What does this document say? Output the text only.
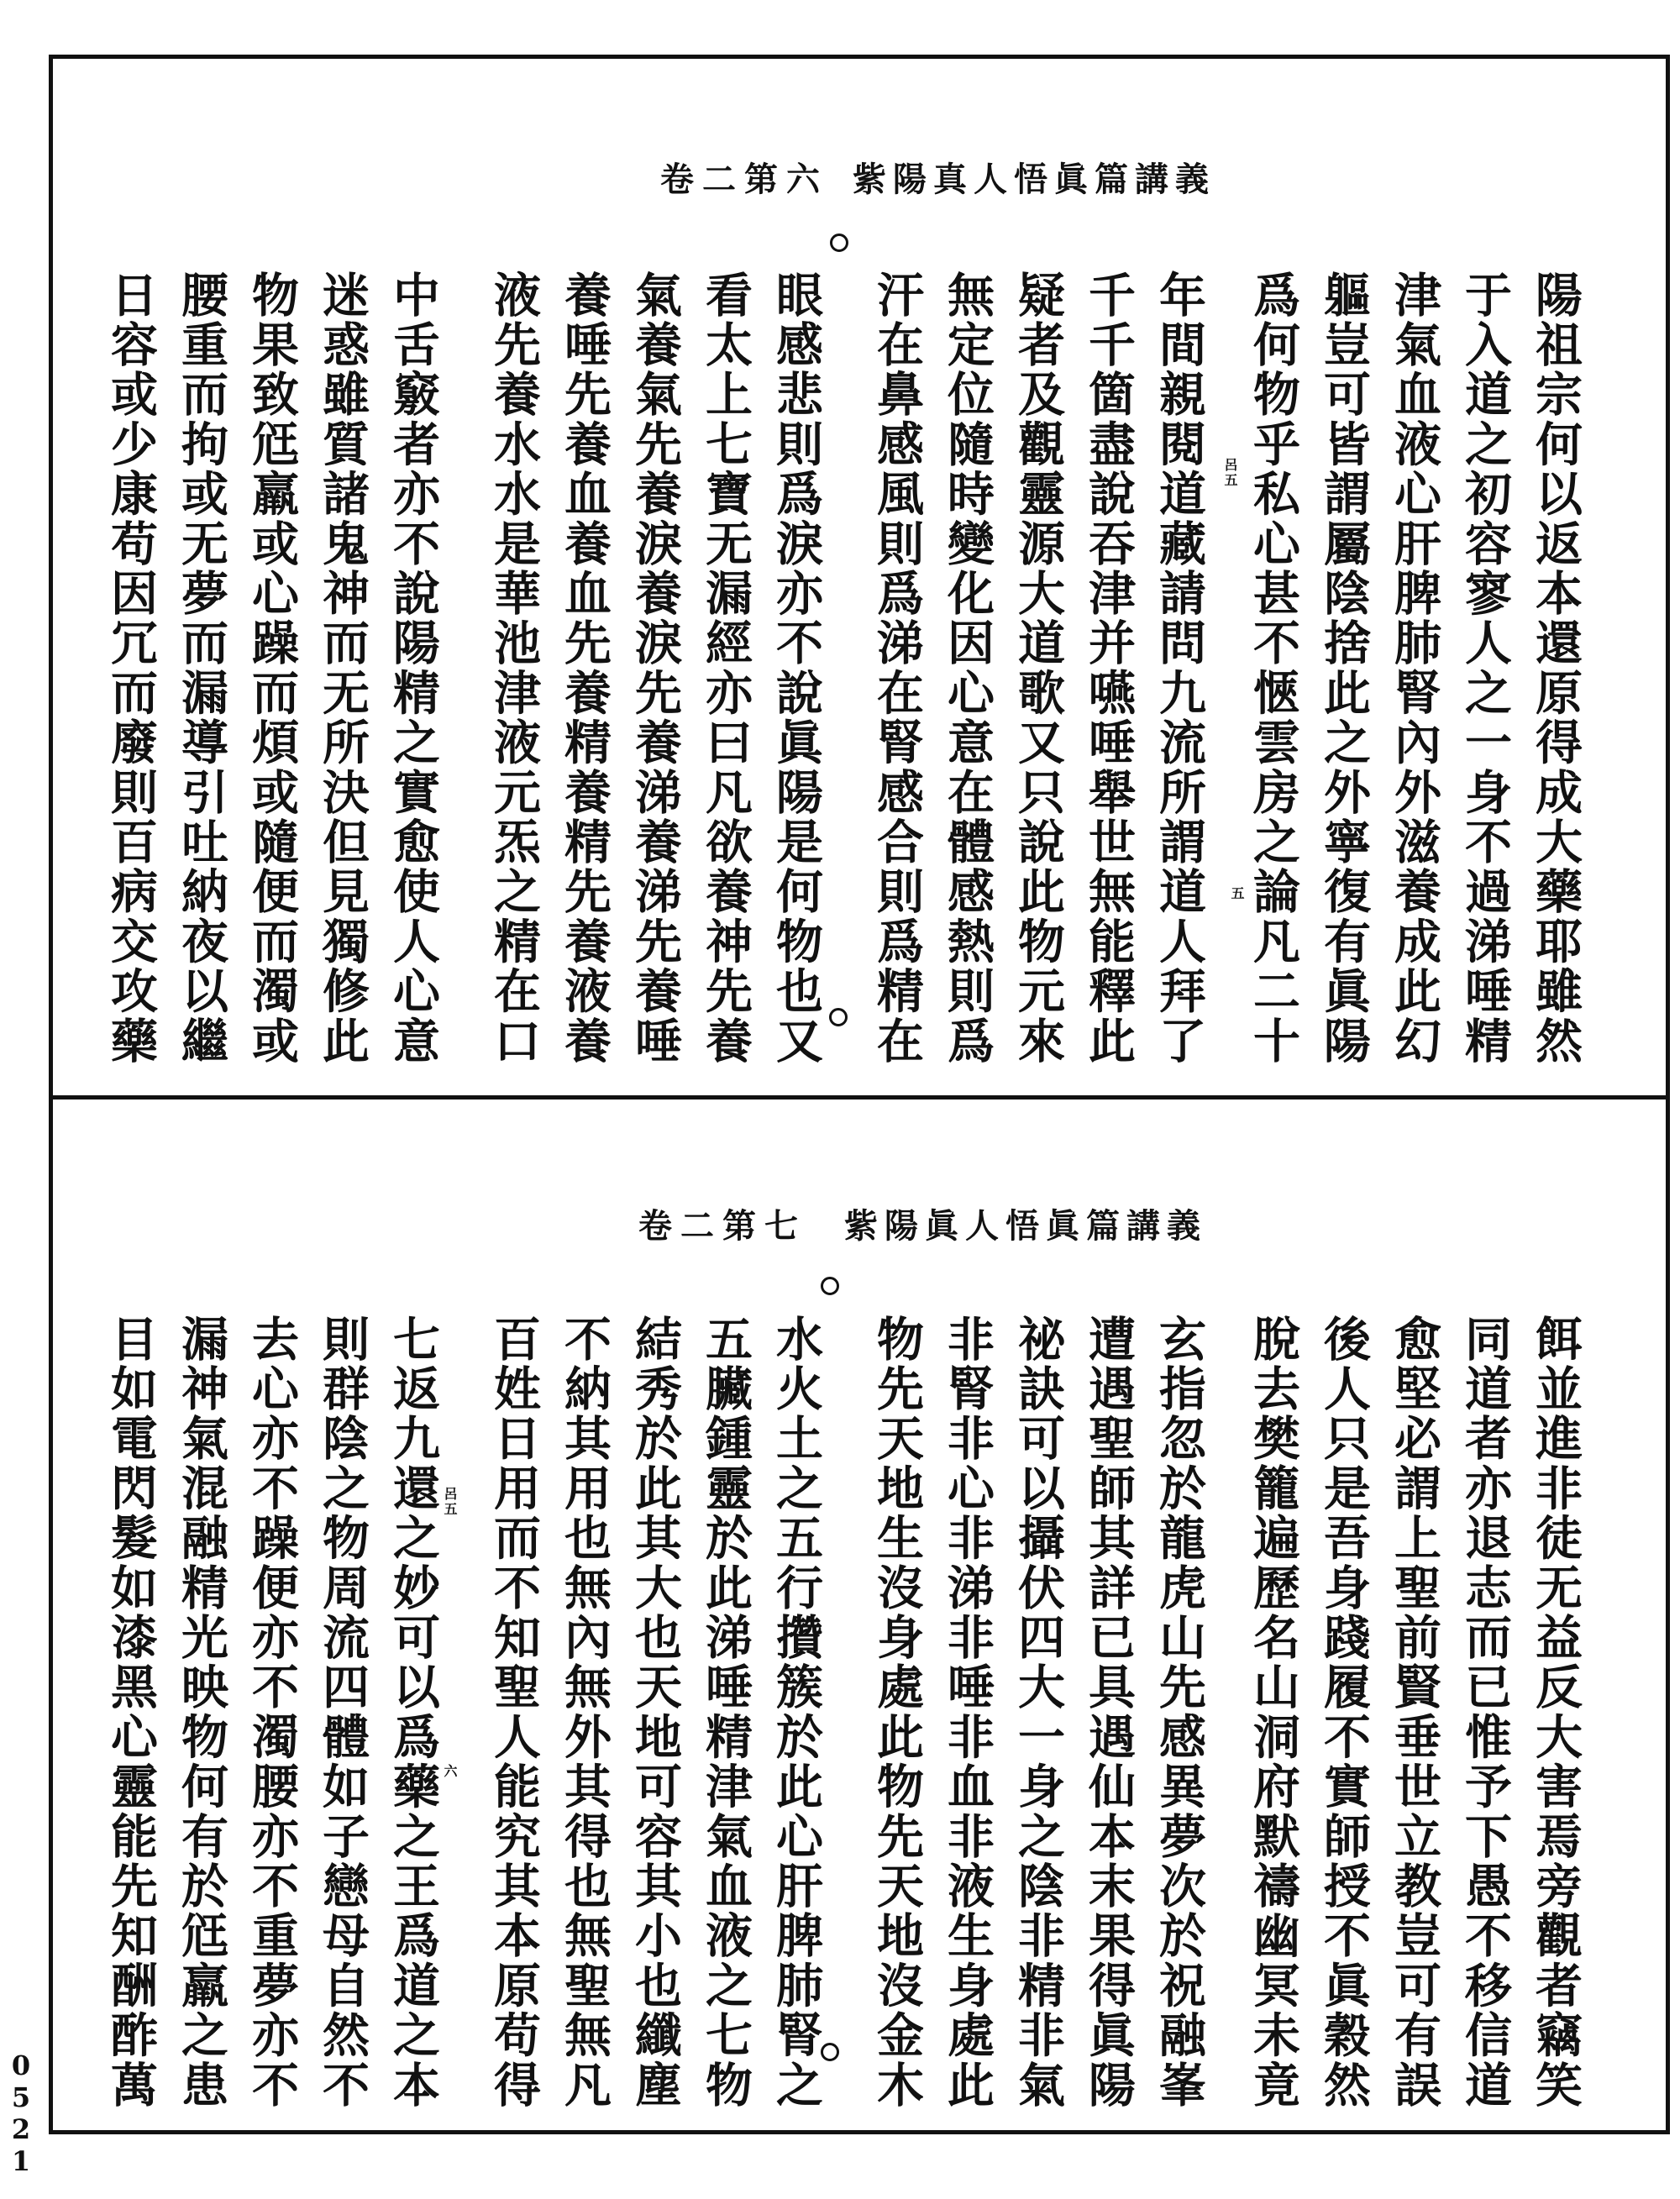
紫陽真人悟眞篇講義
卷二第六
呂五
五	陽祖宗何以返本還原得成大藥耶雖然
于入道之初容寥人之一身不過涕唾精
津氣血液心肝脾肺腎內外滋養成此幻
軀豈可皆謂屬陰捨此之外寧復有眞陽
爲何物乎私心甚不愜雲房之論凡二十
年間親閱道藏請問九流所謂道人拜了
千千箇盡說吞津并嚥唾舉世無能釋此
疑者及觀靈源大道歌又只說此物元來
無定位隨時變化因心意在體感熱則爲
汗在鼻感風則爲涕在腎感合則爲精在
眼感悲則爲淚亦不說眞陽是何物也又
看太上七寶无漏經亦曰凡欲養神先養
氣養氣先養淚養淚先養涕養涕先養唾
養唾先養血養血先養精養精先養液養
液先養水水是華池津液元炁之精在口
中舌竅者亦不說陽精之實愈使人心意
迷惑雖質諸鬼神而无所決但見獨修此
物果致尩羸或心躁而煩或隨便而濁或
腰重而拘或无夢而漏導引吐納夜以繼
日容或少康苟因冗而廢則百病交攻藥
紫陽眞人悟眞篇講義
卷二第七
呂五
六	餌並進非徒无益反大害焉旁觀者竊笑
同道者亦退志而已惟予下愚不移信道
愈堅必謂上聖前賢垂世立教豈可有誤
後人只是吾身踐履不實師授不眞穀然
脫去樊籠遍歷名山洞府默禱幽冥未竟
玄指忽於龍虎山先感異夢次於祝融峯
遭遇聖師其詳已具遇仙本末果得眞陽
祕訣可以攝伏四大一身之陰非精非氣
非腎非心非涕非唾非血非液生身處此
物先天地生沒身處此物先天地沒金木
水火土之五行攢簇於此心肝脾肺腎之
五臟鍾靈於此涕唾精津氣血液之七物
結秀於此其大也天地可容其小也纖塵
不納其用也無內無外其得也無聖無凡
百姓日用而不知聖人能究其本原苟得
七返九還之妙可以爲藥之王爲道之本
則群陰之物周流四體如子戀母自然不
去心亦不躁便亦不濁腰亦不重夢亦不
漏神氣混融精光映物何有於尩羸之患
目如電閃髮如漆黑心靈能先知酬酢萬
0521
